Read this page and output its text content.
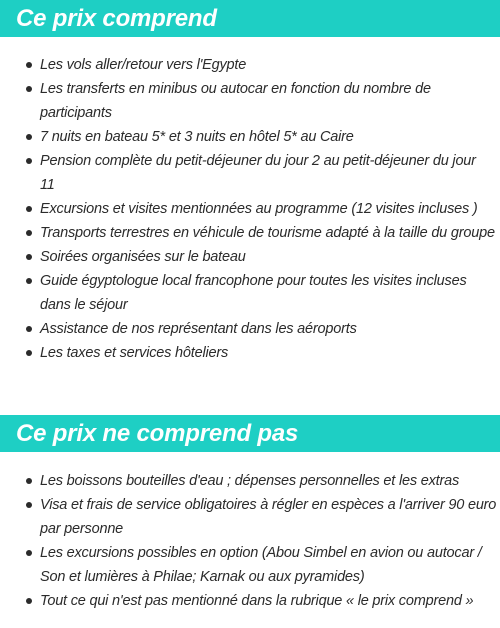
Ce prix comprend
Les vols aller/retour vers l'Egypte
Les transferts en minibus ou autocar en fonction du nombre de participants
7 nuits en bateau 5* et 3 nuits en hôtel 5* au Caire
Pension complète du petit-déjeuner du jour 2 au petit-déjeuner du jour 11
Excursions et visites mentionnées au programme (12 visites incluses )
Transports terrestres en véhicule de tourisme adapté à la taille du groupe
Soirées organisées sur le bateau
Guide égyptologue local francophone pour toutes les visites incluses dans le séjour
Assistance de nos représentant dans les aéroports
Les taxes et services hôteliers
Ce prix ne comprend pas
Les boissons bouteilles d'eau ; dépenses personnelles et les extras
Visa et frais de service obligatoires à régler en espèces a l'arriver 90 euro par personne
Les excursions possibles en option (Abou Simbel en avion ou autocar / Son et lumières à Philae; Karnak ou aux pyramides)
Tout ce qui n'est pas mentionné dans la rubrique « le prix comprend »
